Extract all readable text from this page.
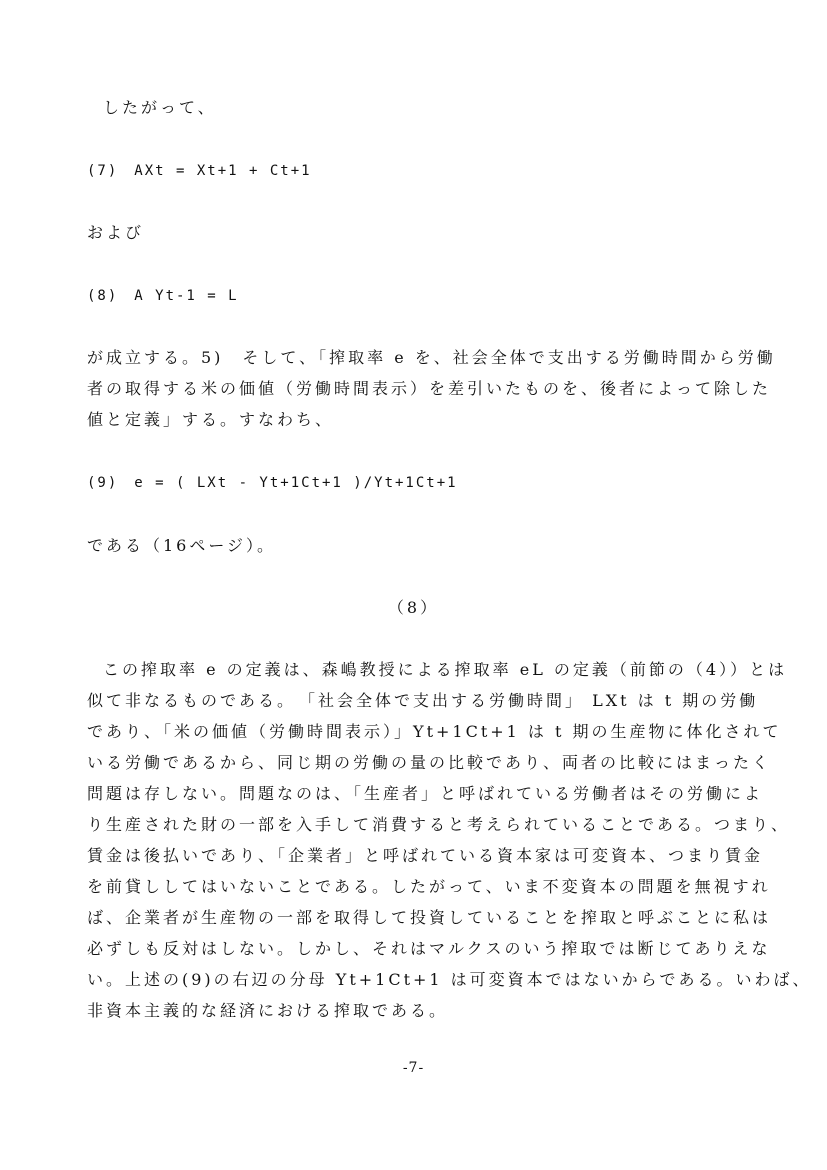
したがって、
(7)　AXt = Xt+1 + Ct+1
および
(8)　A Yt-1 = L
が成立する。5)　そして、「搾取率 e を、社会全体で支出する労働時間から労働
者の取得する米の価値（労働時間表示）を差引いたものを、後者によって除した
値と定義」する。すなわち、
(9)　e = ( LXt - Yt+1Ct+1 )/Yt+1Ct+1
である（16ページ）。
（8）
この搾取率 e の定義は、森嶋教授による搾取率 eL の定義（前節の（4））とは
似て非なるものである。　「社会全体で支出する労働時間」 LXt は t 期の労働
であり、「米の価値（労働時間表示）」Yt+1Ct+1 は t 期の生産物に体化されて
いる労働であるから、同じ期の労働の量の比較であり、両者の比較にはまったく
問題は存しない。問題なのは、「生産者」と呼ばれている労働者はその労働によ
り生産された財の一部を入手して消費すると考えられていることである。つまり、
賃金は後払いであり、「企業者」と呼ばれている資本家は可変資本、つまり賃金
を前貸ししてはいないことである。したがって、いま不変資本の問題を無視すれ
ば、企業者が生産物の一部を取得して投資していることを搾取と呼ぶことに私は
必ずしも反対はしない。しかし、それはマルクスのいう搾取では断じてありえな
い。上述の(9)の右辺の分母 Yt+1Ct+1 は可変資本ではないからである。いわば、
非資本主義的な経済における搾取である。
-7-
